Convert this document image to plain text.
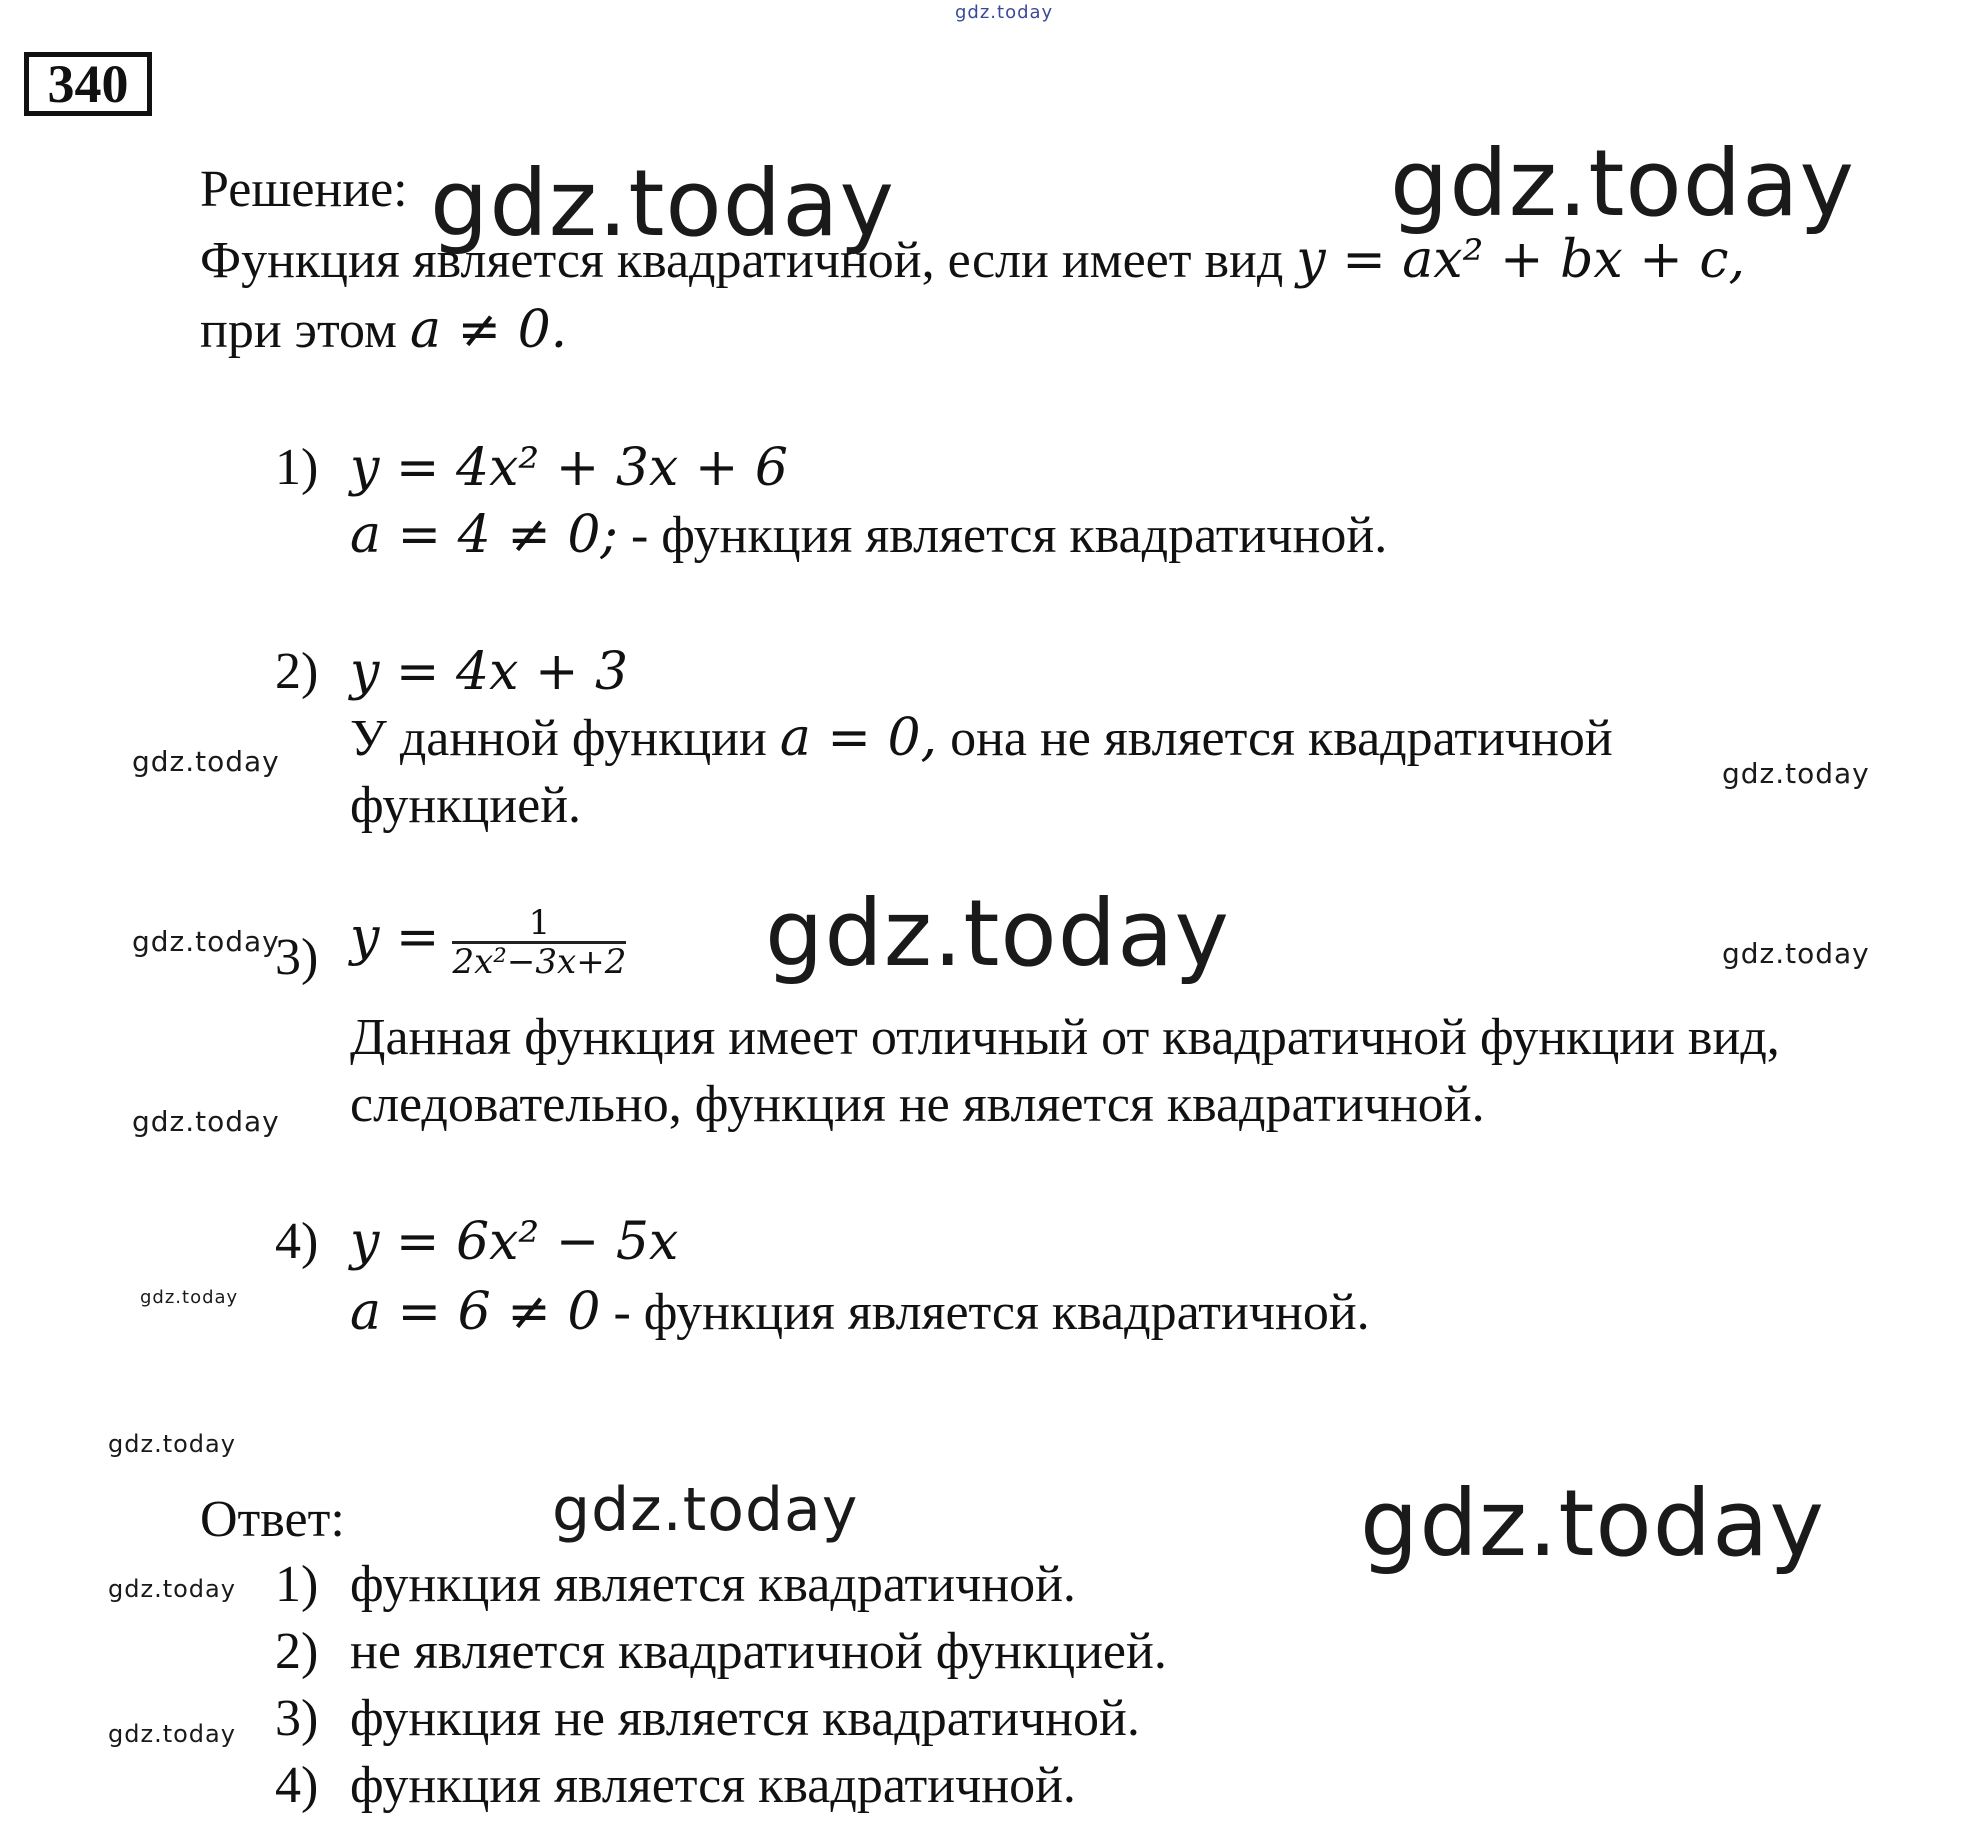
gdz.today
340
gdz.today	gdz.today
gdz.today
gdz.today
gdz.today
gdz.today	gdz.today
gdz.today	gdz.today
gdz.today
gdz.today
gdz.today
gdz.today
gdz.today
Решение:
Функция является квадратичной, если имеет вид y = ax² + bx + c,
при этом a ≠ 0.
1) y = 4x² + 3x + 6
a = 4 ≠ 0; - функция является квадратичной.
2) y = 4x + 3
У данной функции a = 0, она не является квадратичной
функцией.
3) $y = \frac{1}{\text{2x²−3x+2}}$
Данная функция имеет отличный от квадратичной функции вид,
следовательно, функция не является квадратичной.
4) y = 6x² − 5x
a = 6 ≠ 0 - функция является квадратичной.
Ответ:
1) функция является квадратичной.
2) не является квадратичной функцией.
3) функция не является квадратичной.
4) функция является квадратичной.
